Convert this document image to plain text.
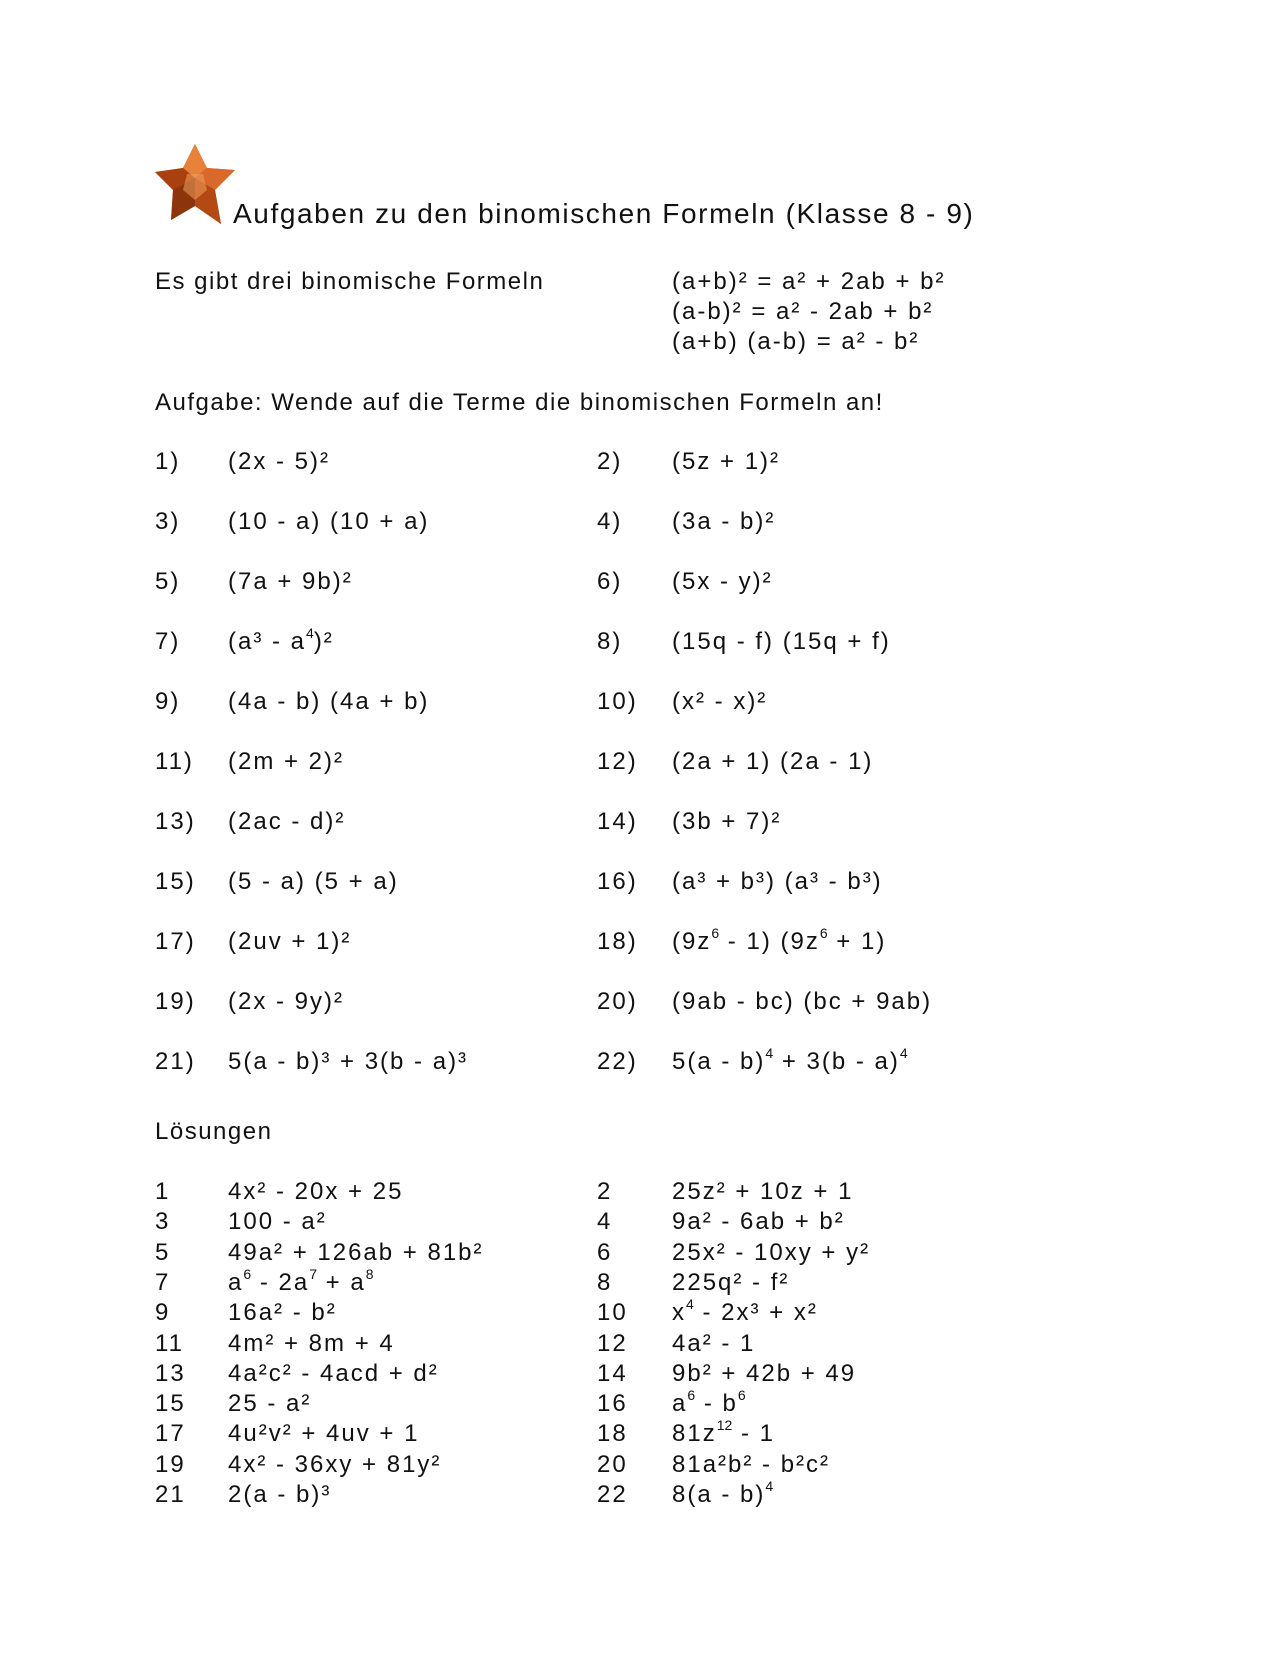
Aufgaben zu den binomischen Formeln (Klasse 8 - 9)
Es gibt drei binomische Formeln	(a+b)² = a² + 2ab + b²
(a-b)² = a² - 2ab + b²
(a+b) (a-b) = a² - b²
Aufgabe: Wende auf die Terme die binomischen Formeln an!
1) (2x - 5)²	2) (5z + 1)²
3) (10 - a) (10 + a)	4) (3a - b)²
5) (7a + 9b)²	6) (5x - y)²
7) $(a^3 - a^4)^2$	8) (15q - f) (15q + f)
9) (4a - b) (4a + b)	10) (x² - x)²
11) (2m + 2)²	12) (2a + 1) (2a - 1)
13) (2ac - d)²	14) (3b + 7)²
15) (5 - a) (5 + a)	16) (a³ + b³) (a³ - b³)
17) (2uv + 1)²	18) $(9z^6 - 1) (9z^6 + 1)$
19) (2x - 9y)²	20) (9ab - bc) (bc + 9ab)
21) 5(a - b)³ + 3(b - a)³	22) 5(a - b)$^4$ + 3(b - a)$^4$
Lösungen
1 4x² - 20x + 25	2 25z² + 10z + 1
3 100 - a²	4 9a² - 6ab + b²
5 49a² + 126ab + 81b²	6 25x² - 10xy + y²
7 $a^6 - 2a^7 + a^8$	8 225q² - f²
9 16a² - b²	10 $x^4 - 2x^3 + x^2$
11 4m² + 8m + 4	12 4a² - 1
13 4a²c² - 4acd + d²	14 9b² + 42b + 49
15 25 - a²	16 $a^6 - b^6$
17 4u²v² + 4uv + 1	18 $81z^{12} - 1$
19 4x² - 36xy + 81y²	20 81a²b² - b²c²
21 2(a - b)³	22 8(a - b)$^4$
